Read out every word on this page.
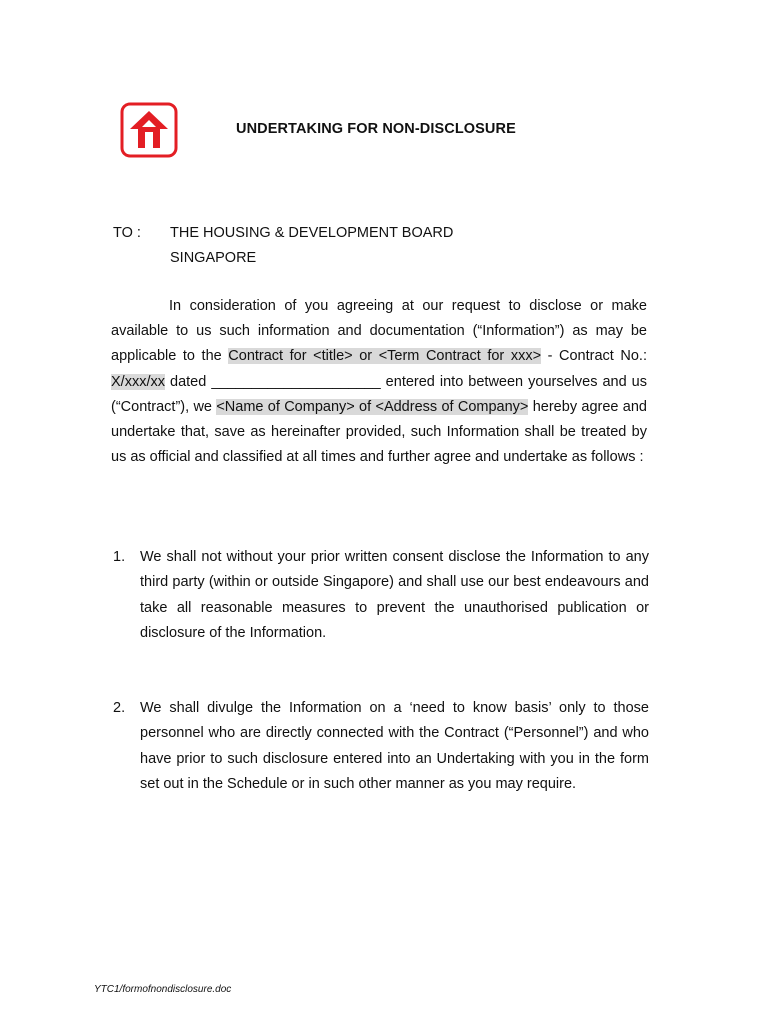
UNDERTAKING FOR NON-DISCLOSURE
TO : THE HOUSING & DEVELOPMENT BOARD
SINGAPORE

In consideration of you agreeing at our request to disclose or make available to us such information and documentation (“Information”) as may be applicable to the Contract for <title> or <Term Contract for xxx> - Contract No.: X/xxx/xx dated _____________________ entered into between yourselves and us (“Contract”), we <Name of Company> of <Address of Company> hereby agree and undertake that, save as hereinafter provided, such Information shall be treated by us as official and classified at all times and further agree and undertake as follows :

1. We shall not without your prior written consent disclose the Information to any third party (within or outside Singapore) and shall use our best endeavours and take all reasonable measures to prevent the unauthorised publication or disclosure of the Information.
2. We shall divulge the Information on a ‘need to know basis’ only to those personnel who are directly connected with the Contract (“Personnel”) and who have prior to such disclosure entered into an Undertaking with you in the form set out in the Schedule or in such other manner as you may require.
YTC1/formofnondisclosure.doc
